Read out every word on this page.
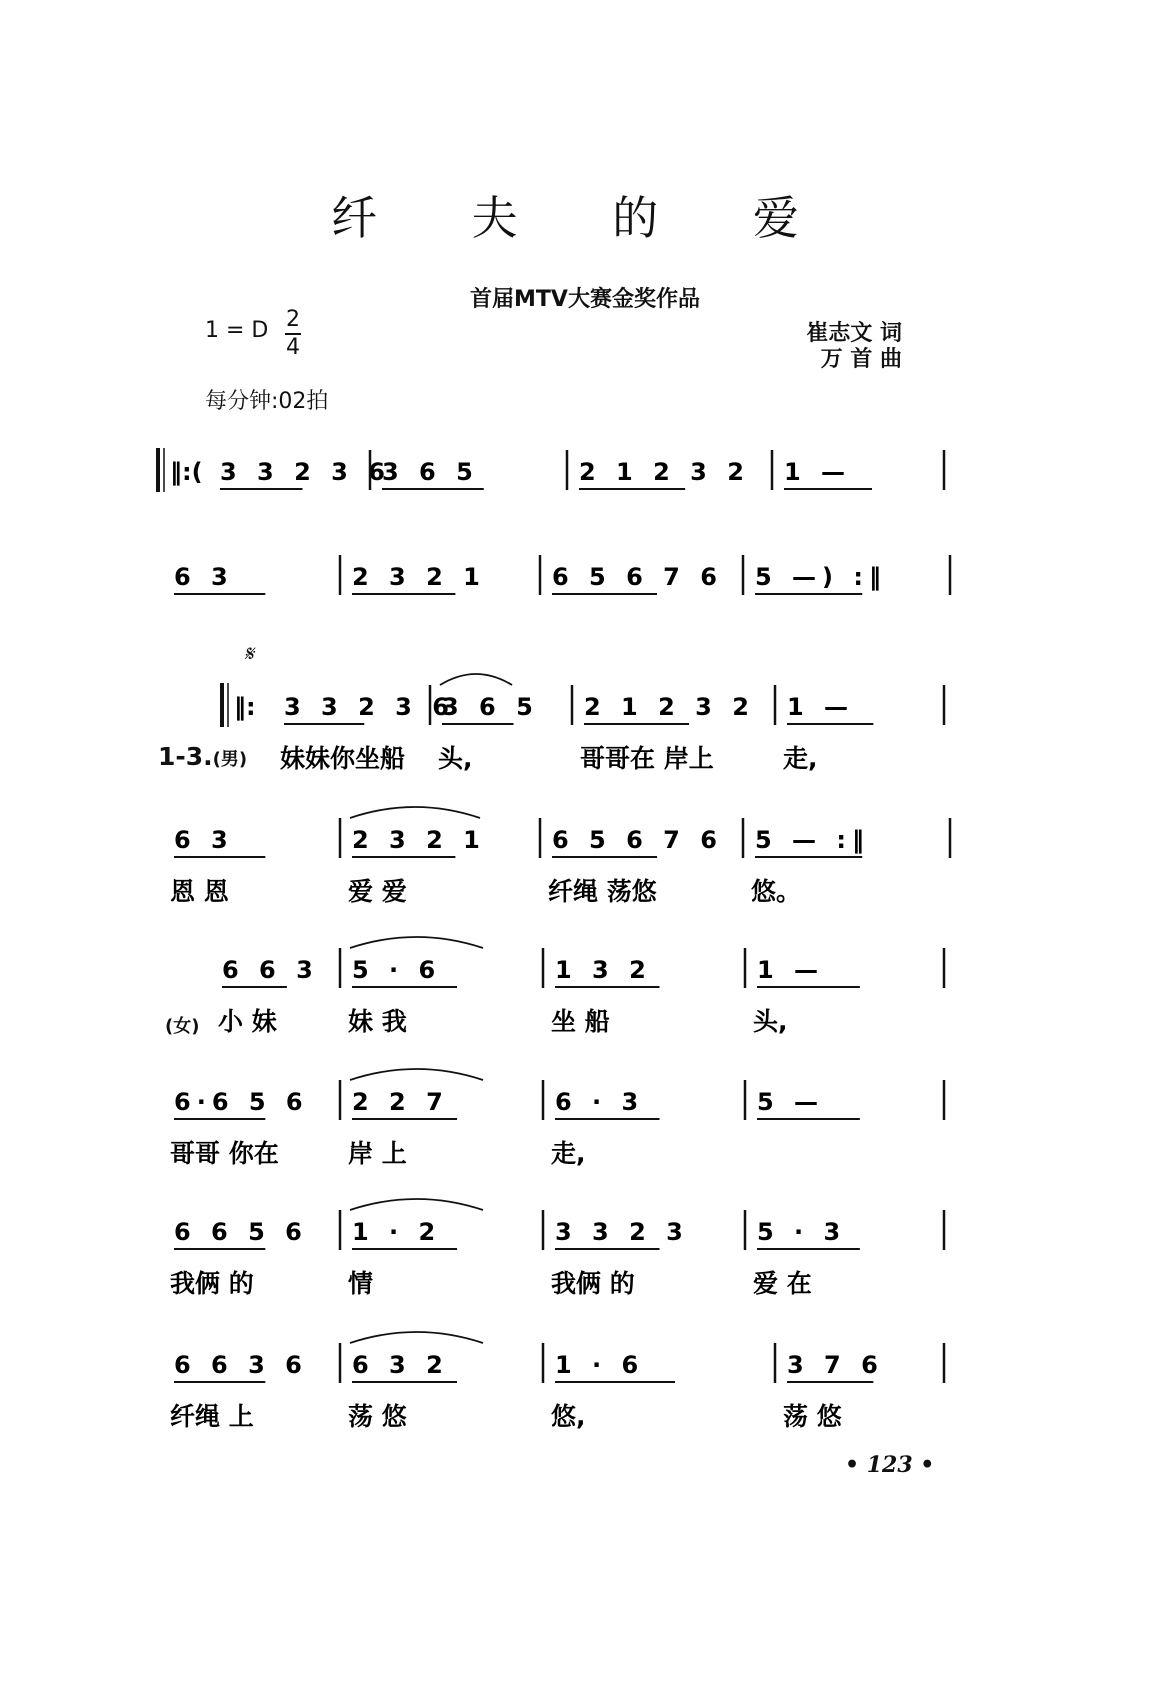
纤 夫 的 爱
首届MTV大赛金奖作品
1 = D 2
4
每分钟:02拍
崔志文 词
万 首 曲
𝄋
• 123 •
1-3.(男)
(女)
3 3 2 3 6
3 6 5	2 1 2 3 2 1 —
‖:(
6 3	2 3 2 1	6 5 6 7 6 5 —) :‖
3 3 2 3 6
妹妹你坐船
3 6 5
头,
2 1 2 3 2
哥哥在 岸上
1 —
走,
‖:
6 3
恩 恩
2 3 2 1
爱 爱
6 5 6 7 6
纤绳 荡悠
5 — :‖
悠。
6 6 3
小 妹
5 · 6
妹 我
1 3 2
坐 船
1 —
头,
6·6 5 6
哥哥 你在
2 2 7
岸 上
6 · 3
走,
5 —
6 6 5 6
我俩 的
1 · 2
情
3 3 2 3
我俩 的
5 · 3
爱 在
6 6 3 6
纤绳 上
6 3 2
荡 悠
1 · 6
悠,
3 7 6
荡 悠
